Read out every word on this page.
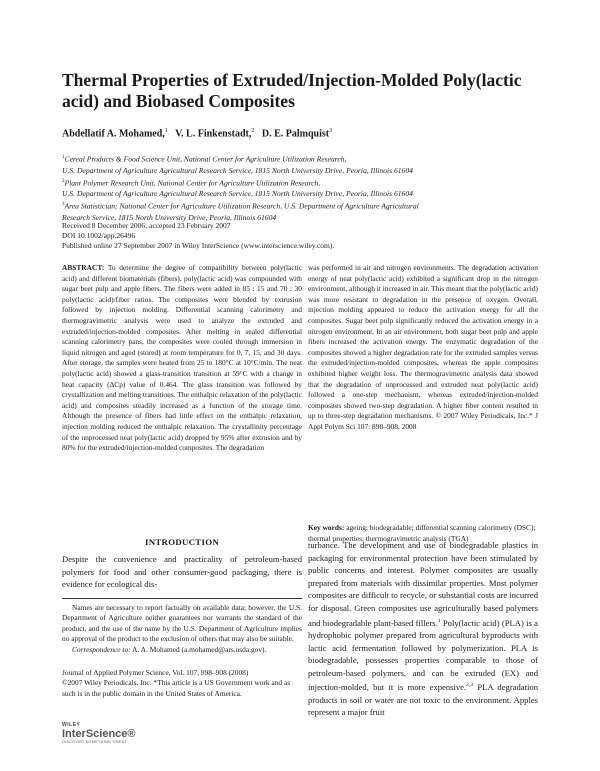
Thermal Properties of Extruded/Injection-Molded Poly(lactic acid) and Biobased Composites
Abdellatif A. Mohamed,$^1$ V. L. Finkenstadt,$^2$ D. E. Palmquist$^3$

$^1$Cereal Products & Food Science Unit, National Center for Agriculture Utilization Research,

U.S. Department of Agriculture Agricultural Research Service, 1815 North University Drive, Peoria, Illinois 61604

$^2$Plant Polymer Research Unit, National Center for Agriculture Utilization Research,

U.S. Department of Agriculture Agricultural Research Service, 1815 North University Drive, Peoria, Illinois 61604

$^3$Area Statistician; National Center for Agriculture Utilization Research, U.S. Department of Agriculture Agricultural

Research Service, 1815 North University Drive, Peoria, Illinois 61604

Received 8 December 2006; accepted 23 February 2007
DOI 10.1002/app.26496
Published online 27 September 2007 in Wiley InterScience (www.interscience.wiley.com).
ABSTRACT: To determine the degree of compatibility between poly(lactic acid) and different biomaterials (fibers), poly(lactic acid) was compounded with sugar beet pulp and apple fibers. The fibers were added in 85 : 15 and 70 : 30 poly(lactic acid)/fiber ratios. The composites were blended by extrusion followed by injection molding. Differential scanning calorimetry and thermogravimetric analysis were used to analyze the extruded and extruded/injection-molded composites. After melting in sealed differential scanning calorimetry pans, the composites were cooled through immersion in liquid nitrogen and aged (stored) at room temperature for 0, 7, 15, and 30 days. After storage, the samples were heated from 25 to 180°C at 10°C/min. The neat poly(lactic acid) showed a glass-transition transition at 59°C with a change in heat capacity (ΔCp) value of 0.464. The glass transition was followed by crystallization and melting transitions. The enthalpic relaxation of the poly(lactic acid) and composites steadily increased as a function of the storage time. Although the presence of fibers had little effect on the enthalpic relaxation, injection molding reduced the enthalpic relaxation. The crystallinity percentage of the unprocessed neat poly(lactic acid) dropped by 95% after extrusion and by 80% for the extruded/injection-molded composites. The degradation
was performed in air and nitrogen environments. The degradation activation energy of neat poly(lactic acid) exhibited a significant drop in the nitrogen environment, although it increased in air. This meant that the poly(lactic acid) was more resistant to degradation in the presence of oxygen. Overall, injection molding appeared to reduce the activation energy for all the composites. Sugar beet pulp significantly reduced the activation energy in a nitrogen environment. In an air environment, both sugar beet pulp and apple fibers increased the activation energy. The enzymatic degradation of the composites showed a higher degradation rate for the extruded samples versus the extruded/injection-molded composites, whereas the apple composites exhibited higher weight loss. The thermogravimetric analysis data showed that the degradation of unprocessed and extruded neat poly(lactic acid) followed a one-step mechanism, whereas extruded/injection-molded composites showed two-step degradation. A higher fiber content resulted in up to three-step degradation mechanisms. © 2007 Wiley Periodicals, Inc.* J Appl Polym Sci 107: 898–908, 2008
Key words: ageing; biodegradable; differential scanning calorimetry (DSC); thermal properties; thermogravimetric analysis (TGA)
INTRODUCTION
Despite the convenience and practicality of petroleum-based polymers for food and other consumer-good packaging, there is evidence for ecological dis-
turbance. The development and use of biodegradable plastics in packaging for environmental protection have been stimulated by public concerns and interest. Polymer composites are usually prepared from materials with dissimilar properties. Most polymer composites are difficult to recycle, or substantial costs are incurred for disposal. Green composites use agriculturally based polymers and biodegradable plant-based fillers.$^1$ Poly(lactic acid) (PLA) is a hydrophobic polymer prepared from agricultural byproducts with lactic acid fermentation followed by polymerization. PLA is biodegradable, possesses properties comparable to those of petroleum-based polymers, and can be extruded (EX) and injection-molded, but it is more expensive.$^{2,3}$ PLA degradation products in soil or water are not toxic to the environment. Apples represent a major fruit

Names are necessary to report factually on available data; however, the U.S. Department of Agriculture neither guarantees nor warrants the standard of the product, and the use of the name by the U.S. Department of Agriculture implies no approval of the product to the exclusion of others that may also be suitable.

Correspondence to: A. A. Mohamed (a.mohamed@ars.usda.gov).

Journal of Applied Polymer Science, Vol. 107, 898–908 (2008)
©2007 Wiley Periodicals, Inc. *This article is a US Government work and as such is in the public domain in the United States of America.
WILEY
InterScience®
DISCOVER SOMETHING GREAT
